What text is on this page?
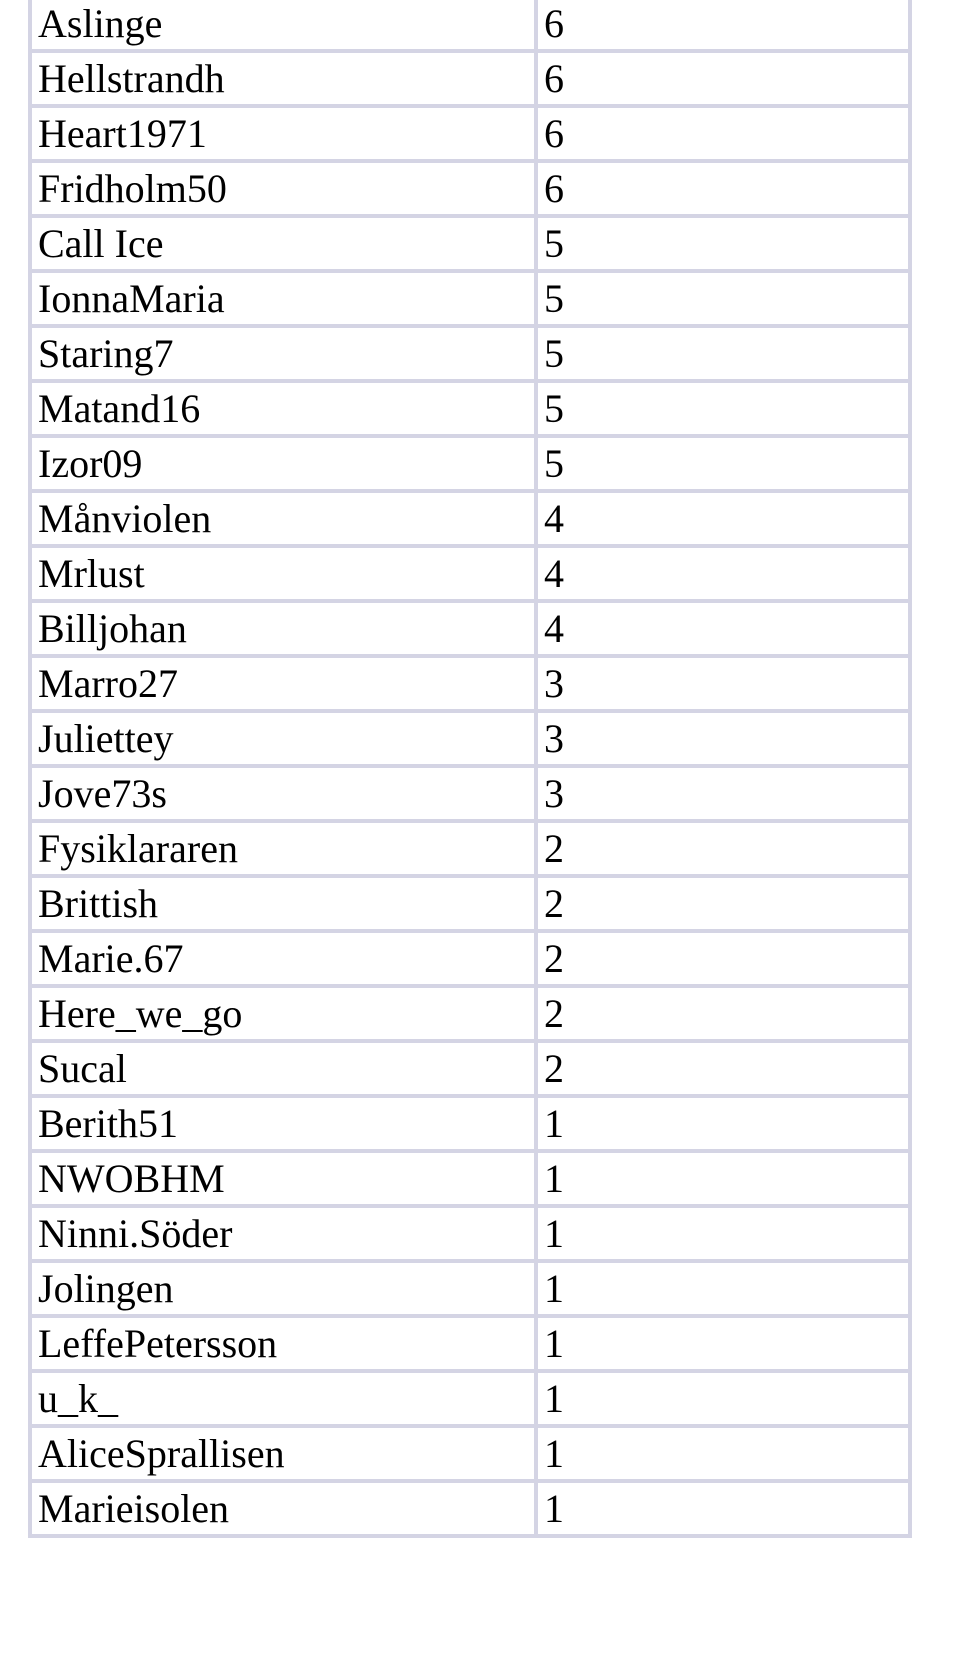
Aslinge	6
Hellstrandh	6
Heart1971	6
Fridholm50	6
Call Ice	5
IonnaMaria	5
Staring7	5
Matand16	5
Izor09	5
Månviolen	4
Mrlust	4
Billjohan	4
Marro27	3
Juliettey	3
Jove73s	3
Fysiklararen	2
Brittish	2
Marie.67	2
Here_we_go	2
Sucal	2
Berith51	1
NWOBHM	1
Ninni.Söder	1
Jolingen	1
LeffePetersson	1
u_k_	1
AliceSprallisen	1
Marieisolen	1
